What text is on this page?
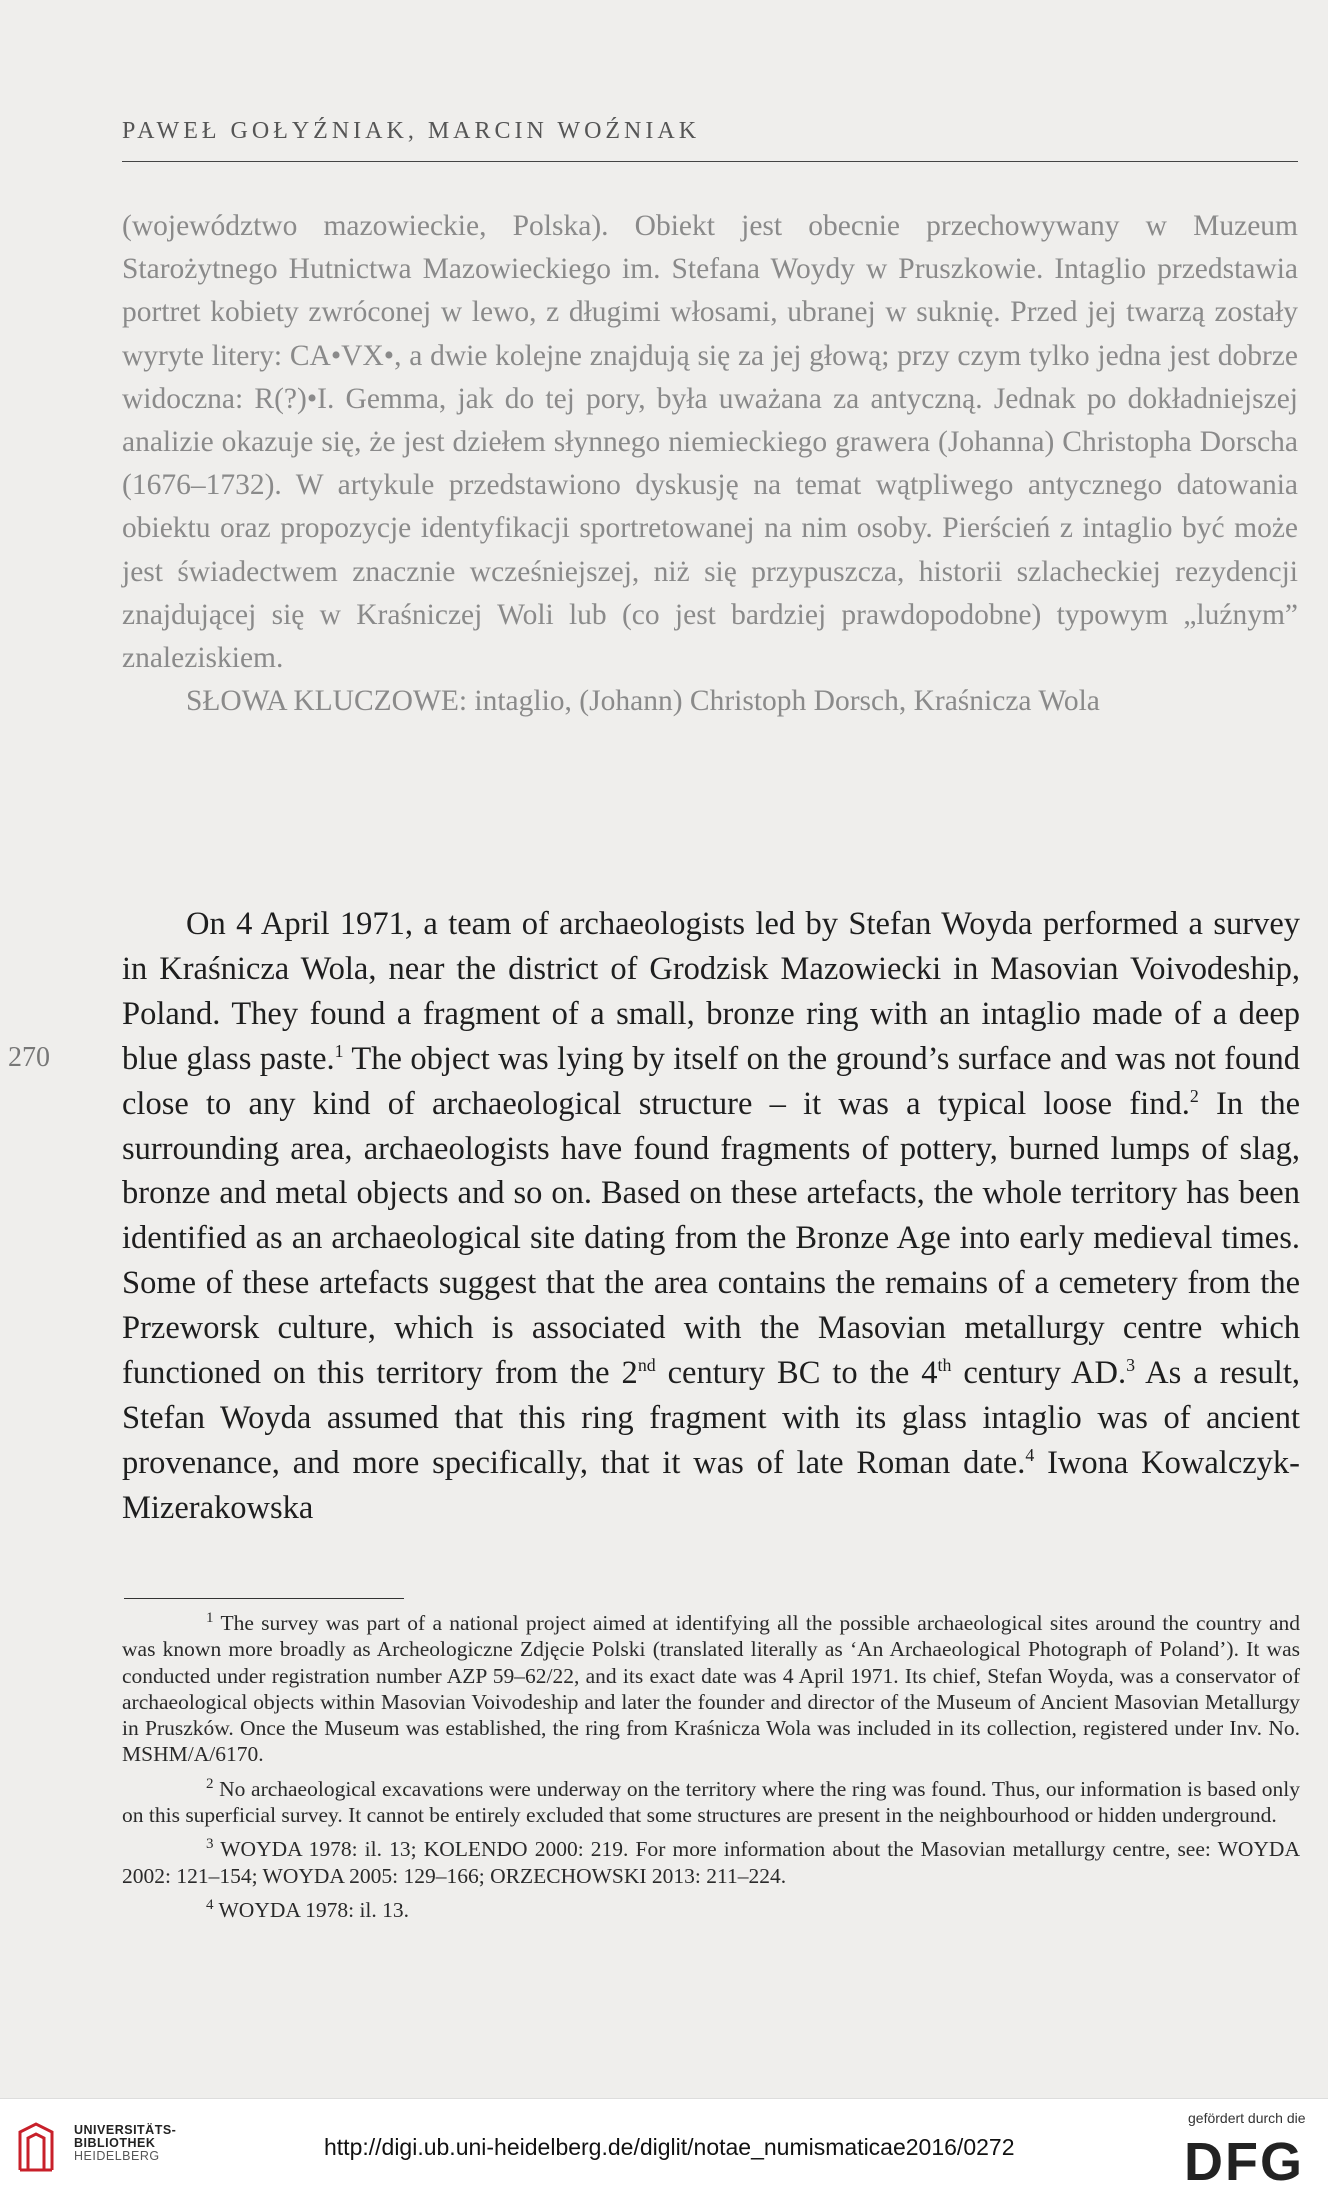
PAWEŁ GOŁYŹNIAK, MARCIN WOŹNIAK

(województwo mazowieckie, Polska). Obiekt jest obecnie przechowywany w Muzeum Starożytnego Hutnictwa Mazowieckiego im. Stefana Woydy w Pruszkowie. Intaglio przedstawia portret kobiety zwróconej w lewo, z długimi włosami, ubranej w suknię. Przed jej twarzą zostały wyryte litery: CA•VX•, a dwie kolejne znajdują się za jej głową; przy czym tylko jedna jest dobrze widoczna: R(?)•I. Gemma, jak do tej pory, była uważana za antyczną. Jednak po dokładniejszej analizie okazuje się, że jest dziełem słynnego niemieckiego grawera (Johanna) Christopha Dorscha (1676–1732). W artykule przedstawiono dyskusję na temat wątpliwego antycznego datowania obiektu oraz propozycje identyfikacji sportretowanej na nim osoby. Pierścień z intaglio być może jest świadectwem znacznie wcześniejszej, niż się przypuszcza, historii szlacheckiej rezydencji znajdującej się w Kraśniczej Woli lub (co jest bardziej prawdopodobne) typowym „luźnym” znaleziskiem.

SŁOWA KLUCZOWE: intaglio, (Johann) Christoph Dorsch, Kraśnicza Wola

270

On 4 April 1971, a team of archaeologists led by Stefan Woyda performed a survey in Kraśnicza Wola, near the district of Grodzisk Mazowiecki in Masovian Voivodeship, Poland. They found a fragment of a small, bronze ring with an intaglio made of a deep blue glass paste.$^1$ The object was lying by itself on the ground’s surface and was not found close to any kind of archaeological structure – it was a typical loose find.$^2$ In the surrounding area, archaeologists have found fragments of pottery, burned lumps of slag, bronze and metal objects and so on. Based on these artefacts, the whole territory has been identified as an archaeological site dating from the Bronze Age into early medieval times. Some of these artefacts suggest that the area contains the remains of a cemetery from the Przeworsk culture, which is associated with the Masovian metallurgy centre which functioned on this territory from the 2nd century BC to the 4th century AD.$^3$ As a result, Stefan Woyda assumed that this ring fragment with its glass intaglio was of ancient provenance, and more specifically, that it was of late Roman date.$^4$ Iwona Kowalczyk-Mizerakowska

$^1$ The survey was part of a national project aimed at identifying all the possible archaeological sites around the country and was known more broadly as Archeologiczne Zdjęcie Polski (translated literally as ‘An Archaeological Photograph of Poland’). It was conducted under registration number AZP 59–62/22, and its exact date was 4 April 1971. Its chief, Stefan Woyda, was a conservator of archaeological objects within Masovian Voivodeship and later the founder and director of the Museum of Ancient Masovian Metallurgy in Pruszków. Once the Museum was established, the ring from Kraśnicza Wola was included in its collection, registered under Inv. No. MSHM/A/6170.

$^2$ No archaeological excavations were underway on the territory where the ring was found. Thus, our information is based only on this superficial survey. It cannot be entirely excluded that some structures are present in the neighbourhood or hidden underground.

$^3$ WOYDA 1978: il. 13; KOLENDO 2000: 219. For more information about the Masovian metallurgy centre, see: WOYDA 2002: 121–154; WOYDA 2005: 129–166; ORZECHOWSKI 2013: 211–224.

$^4$ WOYDA 1978: il. 13.

UNIVERSITÄTS-
BIBLIOTHEK
HEIDELBERG	http://digi.ub.uni-heidelberg.de/diglit/notae_numismaticae2016/0272
gefördert durch die
DFG
